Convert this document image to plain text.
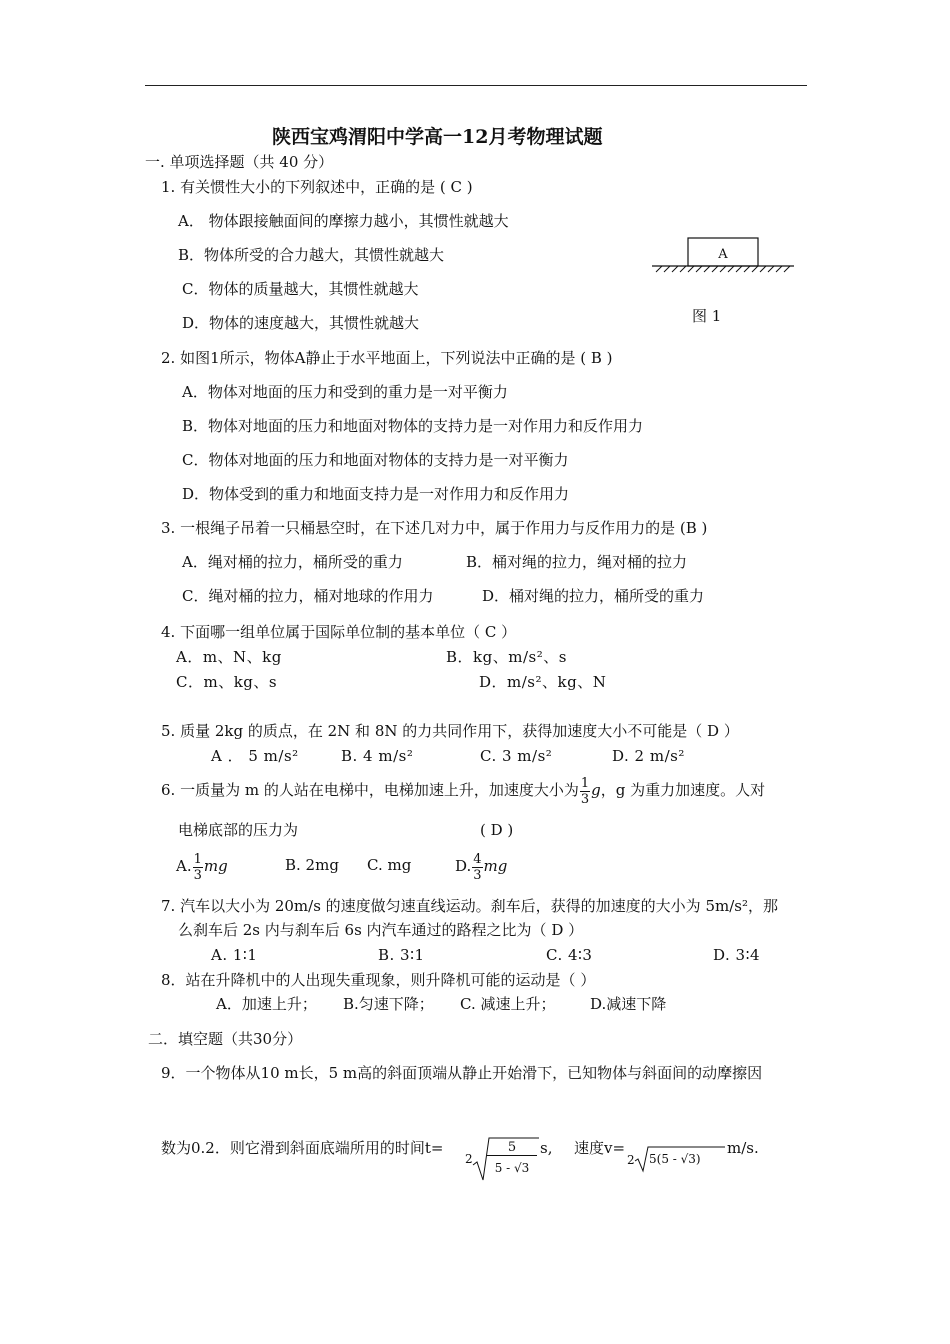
陕西宝鸡渭阳中学高一12月考物理试题
一. 单项选择题（共 40 分）
1. 有关惯性大小的下列叙述中，正确的是 ( C )
A． 物体跟接触面间的摩擦力越小，其惯性就越大
B．物体所受的合力越大，其惯性就越大
C．物体的质量越大，其惯性就越大
D．物体的速度越大，其惯性就越大
A
图 1
2. 如图1所示，物体A静止于水平地面上，下列说法中正确的是 ( B )
A．物体对地面的压力和受到的重力是一对平衡力
B．物体对地面的压力和地面对物体的支持力是一对作用力和反作用力
C．物体对地面的压力和地面对物体的支持力是一对平衡力
D．物体受到的重力和地面支持力是一对作用力和反作用力
3. 一根绳子吊着一只桶悬空时，在下述几对力中，属于作用力与反作用力的是 (B )
A．绳对桶的拉力，桶所受的重力	B．桶对绳的拉力，绳对桶的拉力
C．绳对桶的拉力，桶对地球的作用力	D．桶对绳的拉力，桶所受的重力
4. 下面哪一组单位属于国际单位制的基本单位（ C ）
A．m、N、kg	B．kg、m/s²、s
C．m、kg、s	D．m/s²、kg、N
5. 质量 2kg 的质点，在 2N 和 8N 的力共同作用下，获得加速度大小不可能是（ D ）
A ． 5 m/s²	B. 4 m/s²	C. 3 m/s²	D. 2 m/s²
6. 一质量为 m 的人站在电梯中，电梯加速上升，加速度大小为 $\frac{1}{3}$ g，g 为重力加速度。人对
电梯底部的压力为	( D )
A. $\frac{1}{3}$ mg	B. 2mg C. mg	D. $\frac{4}{3}$ mg
7. 汽车以大小为 20m/s 的速度做匀速直线运动。刹车后，获得的加速度的大小为 5m/s²，那
么刹车后 2s 内与刹车后 6s 内汽车通过的路程之比为（ D ）
A. 1∶1	B. 3∶1	C. 4∶3	D. 3∶4
8．站在升降机中的人出现失重现象，则升降机可能的运动是（ ）
A．加速上升； B.匀速下降； C. 减速上升； D.减速下降
二．填空题（共30分）
9．一个物体从10 m长，5 m高的斜面顶端从静止开始滑下，已知物体与斜面间的动摩擦因
数为0.2．则它滑到斜面底端所用的时间t=
2
5
5 - √3
s, 速度v=
2 5(5 - √3)
m/s.
